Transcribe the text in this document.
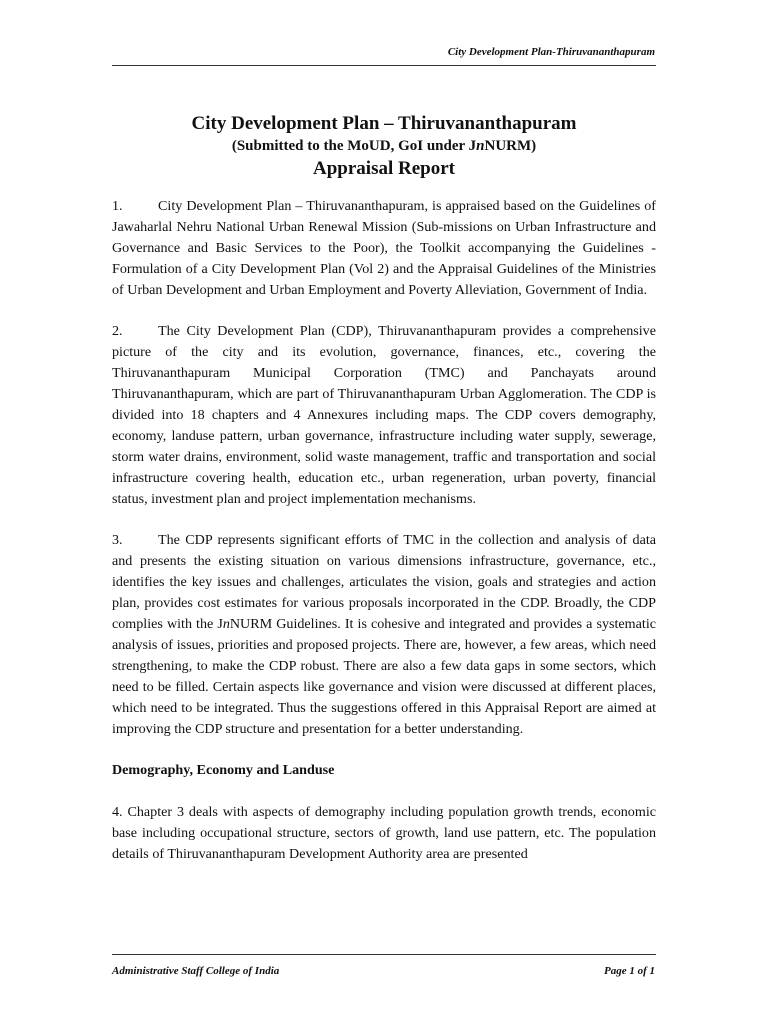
City Development Plan-Thiruvananthapuram
City Development Plan – Thiruvananthapuram
(Submitted to the MoUD, GoI under JnNURM)
Appraisal Report

1.	City Development Plan – Thiruvananthapuram, is appraised based on the Guidelines of Jawaharlal Nehru National Urban Renewal Mission (Sub-missions on Urban Infrastructure and Governance and Basic Services to the Poor), the Toolkit accompanying the Guidelines - Formulation of a City Development Plan (Vol 2) and the Appraisal Guidelines of the Ministries of Urban Development and Urban Employment and Poverty Alleviation, Government of India.

2.	The City Development Plan (CDP), Thiruvananthapuram provides a comprehensive picture of the city and its evolution, governance, finances, etc., covering the Thiruvananthapuram Municipal Corporation (TMC) and Panchayats around Thiruvananthapuram, which are part of Thiruvananthapuram Urban Agglomeration. The CDP is divided into 18 chapters and 4 Annexures including maps. The CDP covers demography, economy, landuse pattern, urban governance, infrastructure including water supply, sewerage, storm water drains, environment, solid waste management, traffic and transportation and social infrastructure covering health, education etc., urban regeneration, urban poverty, financial status, investment plan and project implementation mechanisms.

3.	The CDP represents significant efforts of TMC in the collection and analysis of data and presents the existing situation on various dimensions infrastructure, governance, etc., identifies the key issues and challenges, articulates the vision, goals and strategies and action plan, provides cost estimates for various proposals incorporated in the CDP. Broadly, the CDP complies with the JnNURM Guidelines. It is cohesive and integrated and provides a systematic analysis of issues, priorities and proposed projects. There are, however, a few areas, which need strengthening, to make the CDP robust. There are also a few data gaps in some sectors, which need to be filled. Certain aspects like governance and vision were discussed at different places, which need to be integrated. Thus the suggestions offered in this Appraisal Report are aimed at improving the CDP structure and presentation for a better understanding.

Demography, Economy and Landuse

4. Chapter 3 deals with aspects of demography including population growth trends, economic base including occupational structure, sectors of growth, land use pattern, etc. The population details of Thiruvananthapuram Development Authority area are presented

Administrative Staff College of India	Page 1 of 1
